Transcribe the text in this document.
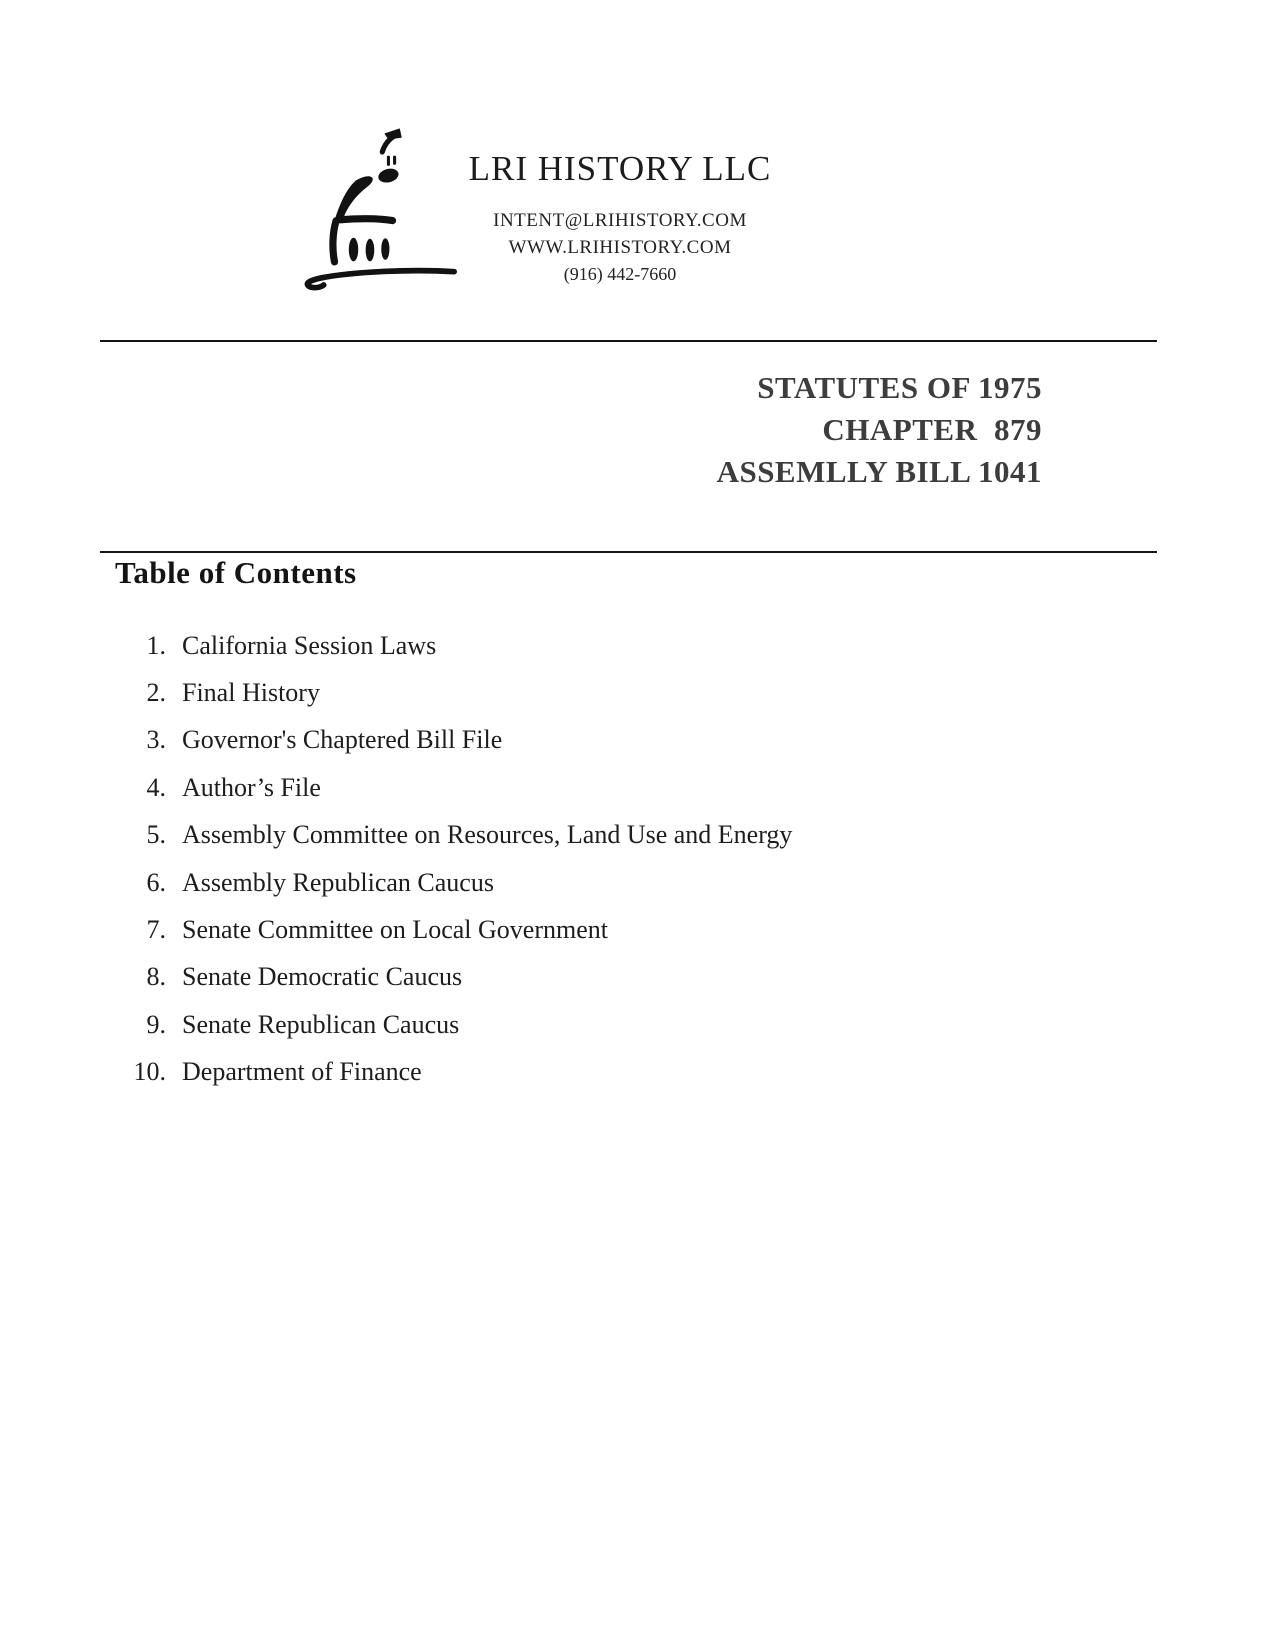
LRI HISTORY LLC
INTENT@LRIHISTORY.COM
WWW.LRIHISTORY.COM
(916) 442-7660
STATUTES OF 1975
CHAPTER  879
ASSEMLLY BILL 1041
Table of Contents
1. California Session Laws
2. Final History
3. Governor's Chaptered Bill File
4. Author’s File
5. Assembly Committee on Resources, Land Use and Energy
6. Assembly Republican Caucus
7. Senate Committee on Local Government
8. Senate Democratic Caucus
9. Senate Republican Caucus
10. Department of Finance
